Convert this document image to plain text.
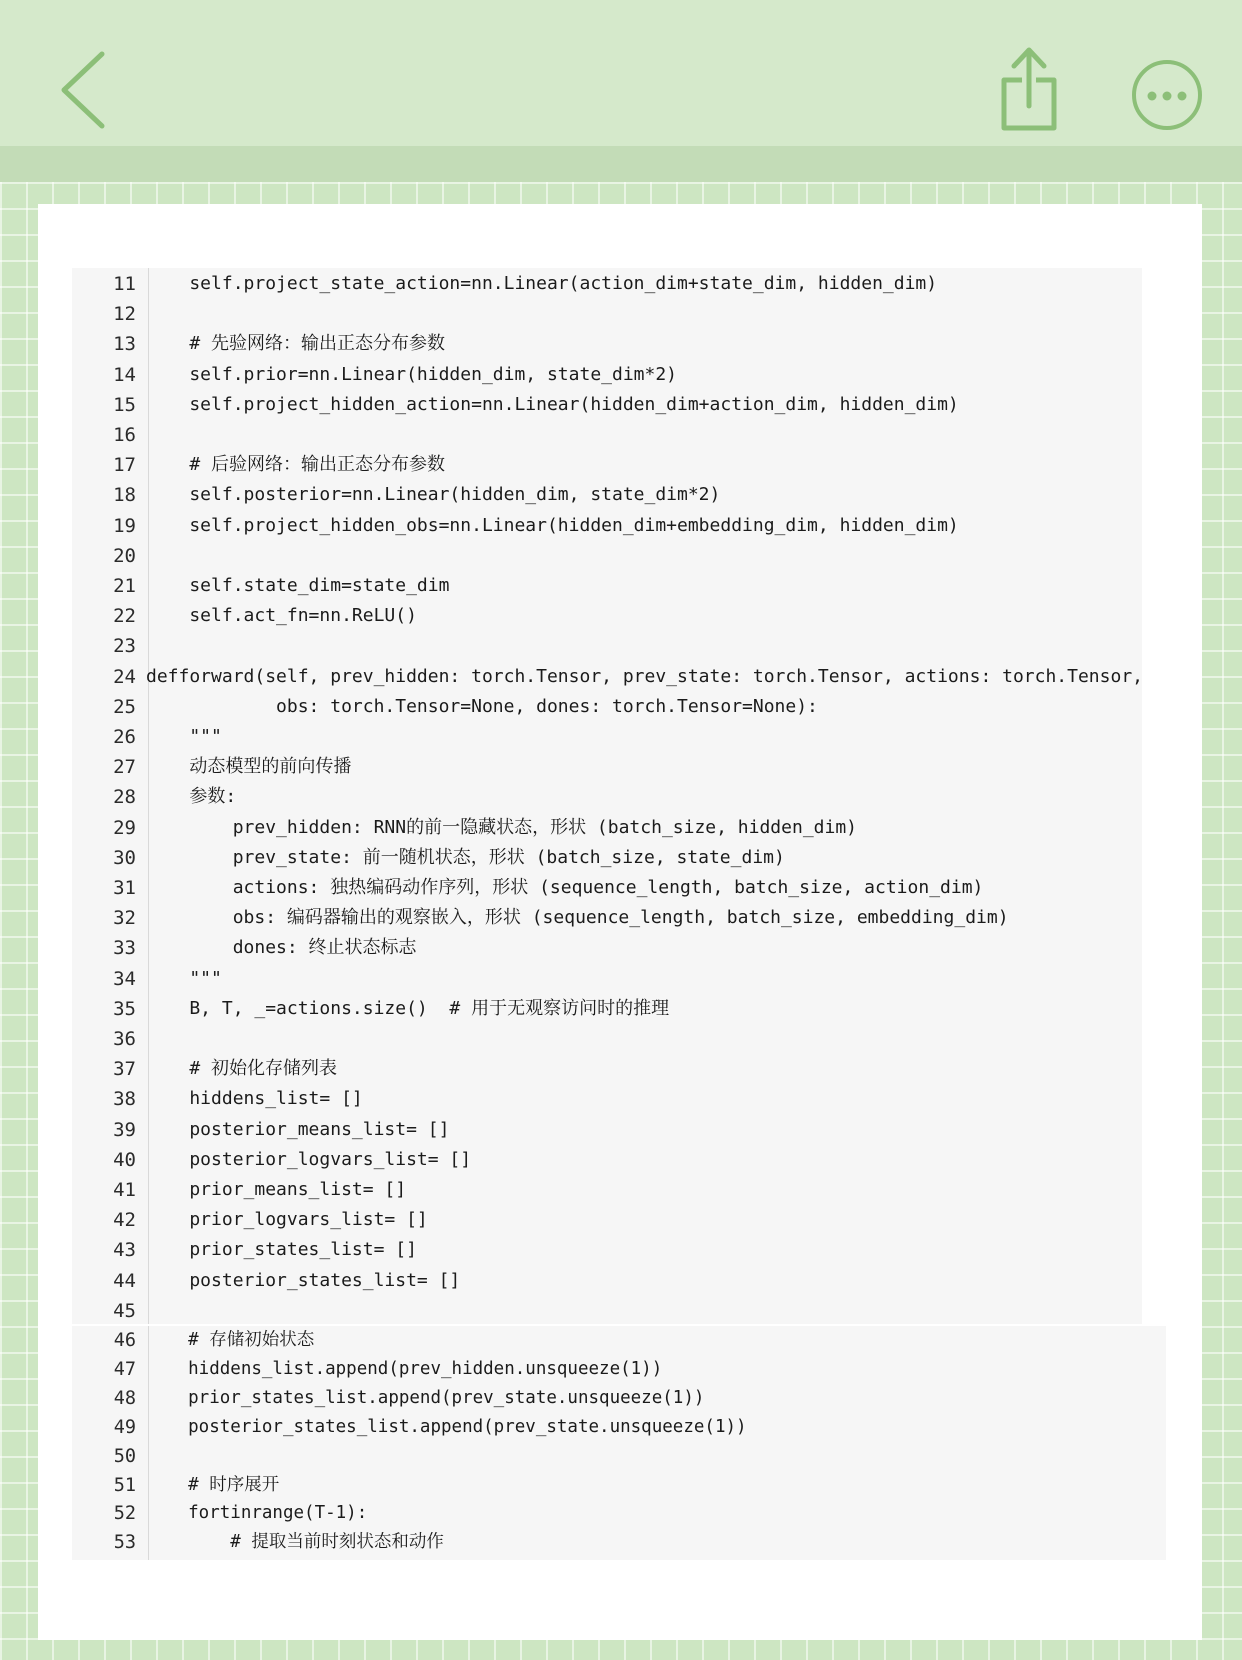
11 self.project_state_action=nn.Linear(action_dim+state_dim, hidden_dim)
12
13 # 先验网络：输出正态分布参数
14 self.prior=nn.Linear(hidden_dim, state_dim*2)
15 self.project_hidden_action=nn.Linear(hidden_dim+action_dim, hidden_dim)
16
17 # 后验网络：输出正态分布参数
18 self.posterior=nn.Linear(hidden_dim, state_dim*2)
19 self.project_hidden_obs=nn.Linear(hidden_dim+embedding_dim, hidden_dim)
20
21 self.state_dim=state_dim
22 self.act_fn=nn.ReLU()
23
24 defforward(self, prev_hidden: torch.Tensor, prev_state: torch.Tensor, actions: torch.Tensor,
25 obs: torch.Tensor=None, dones: torch.Tensor=None):
26 """
27 动态模型的前向传播
28 参数:
29 prev_hidden: RNN的前一隐藏状态，形状 (batch_size, hidden_dim)
30 prev_state: 前一随机状态，形状 (batch_size, state_dim)
31 actions: 独热编码动作序列，形状 (sequence_length, batch_size, action_dim)
32 obs: 编码器输出的观察嵌入，形状 (sequence_length, batch_size, embedding_dim)
33 dones: 终止状态标志
34 """
35 B, T, _=actions.size()  # 用于无观察访问时的推理
36
37 # 初始化存储列表
38 hiddens_list= []
39 posterior_means_list= []
40 posterior_logvars_list= []
41 prior_means_list= []
42 prior_logvars_list= []
43 prior_states_list= []
44 posterior_states_list= []
45
46 # 存储初始状态
47 hiddens_list.append(prev_hidden.unsqueeze(1))
48 prior_states_list.append(prev_state.unsqueeze(1))
49 posterior_states_list.append(prev_state.unsqueeze(1))
50
51 # 时序展开
52 fortinrange(T-1):
53 # 提取当前时刻状态和动作
